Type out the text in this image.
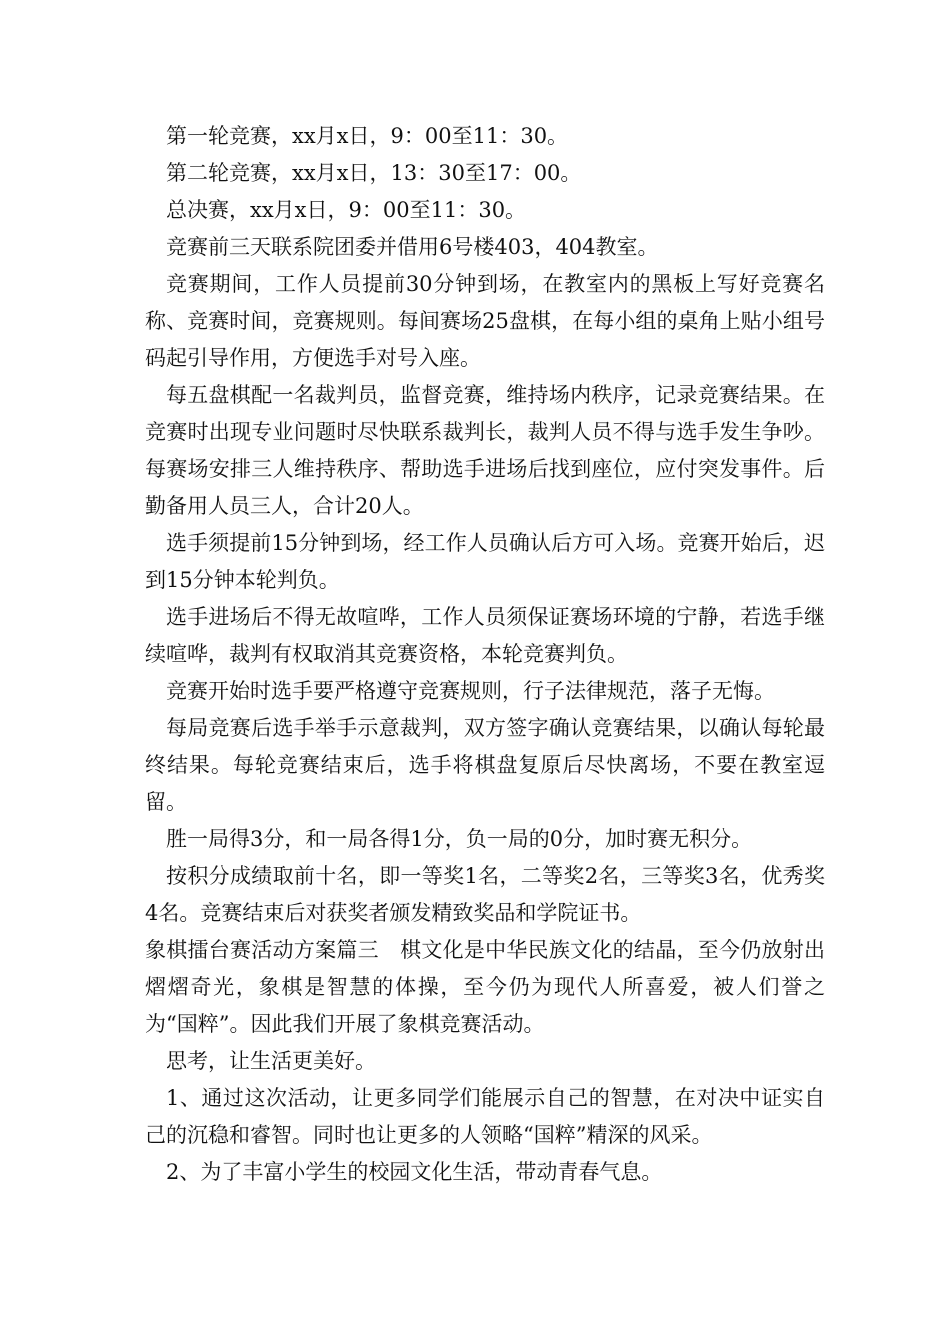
第一轮竞赛，xx月x日，9：00至11：30。

第二轮竞赛，xx月x日，13：30至17：00。

总决赛，xx月x日，9：00至11：30。

竞赛前三天联系院团委并借用6号楼403，404教室。

竞赛期间，工作人员提前30分钟到场，在教室内的黑板上写好竞赛名称、竞赛时间，竞赛规则。每间赛场25盘棋，在每小组的桌角上贴小组号码起引导作用，方便选手对号入座。

每五盘棋配一名裁判员，监督竞赛，维持场内秩序，记录竞赛结果。在竞赛时出现专业问题时尽快联系裁判长，裁判人员不得与选手发生争吵。每赛场安排三人维持秩序、帮助选手进场后找到座位，应付突发事件。后勤备用人员三人，合计20人。

选手须提前15分钟到场，经工作人员确认后方可入场。竞赛开始后，迟到15分钟本轮判负。

选手进场后不得无故喧哗，工作人员须保证赛场环境的宁静，若选手继续喧哗，裁判有权取消其竞赛资格，本轮竞赛判负。

竞赛开始时选手要严格遵守竞赛规则，行子法律规范，落子无悔。

每局竞赛后选手举手示意裁判，双方签字确认竞赛结果，以确认每轮最终结果。每轮竞赛结束后，选手将棋盘复原后尽快离场，不要在教室逗留。

胜一局得3分，和一局各得1分，负一局的0分，加时赛无积分。

按积分成绩取前十名，即一等奖1名，二等奖2名，三等奖3名，优秀奖4名。竞赛结束后对获奖者颁发精致奖品和学院证书。

象棋擂台赛活动方案篇三　棋文化是中华民族文化的结晶，至今仍放射出熠熠奇光，象棋是智慧的体操，至今仍为现代人所喜爱，被人们誉之为“国粹”。因此我们开展了象棋竞赛活动。

思考，让生活更美好。

1、通过这次活动，让更多同学们能展示自己的智慧，在对决中证实自己的沉稳和睿智。同时也让更多的人领略“国粹”精深的风采。

2、为了丰富小学生的校园文化生活，带动青春气息。
